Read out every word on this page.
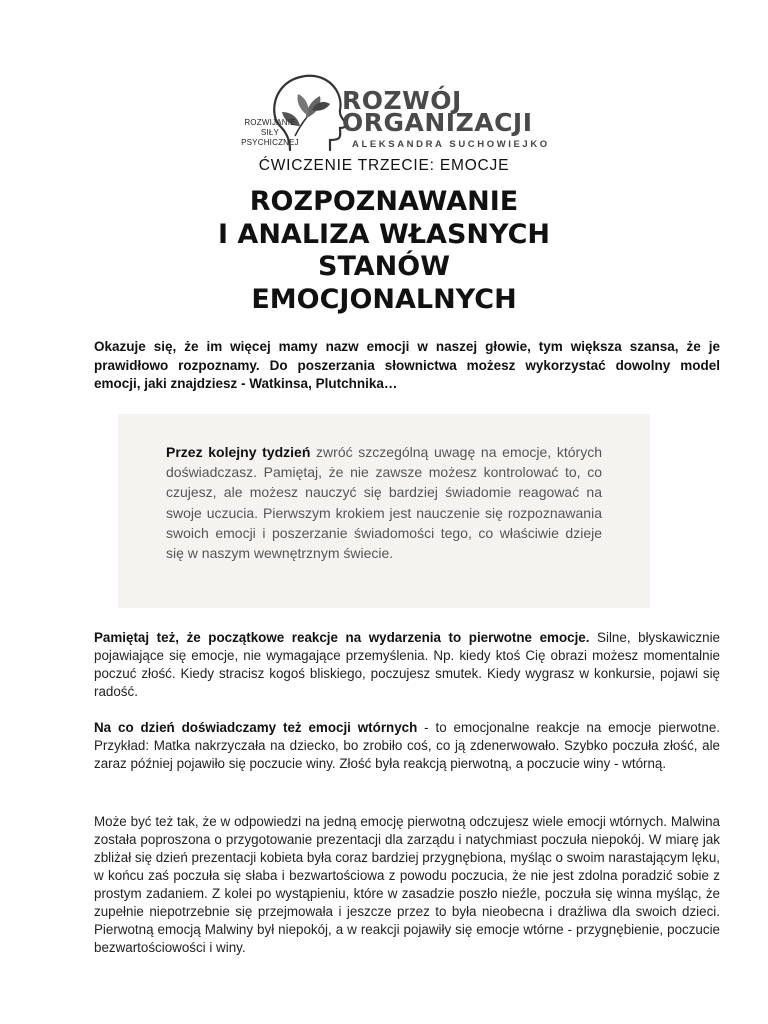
ROZWIJANIE
SIŁY
PSYCHICZNEJ
ROZWÓJ
ORGANIZACJI
ALEKSANDRA SUCHOWIEJKO
ĆWICZENIE TRZECIE: EMOCJE
ROZPOZNAWANIE
I ANALIZA WŁASNYCH
STANÓW
EMOCJONALNYCH

Okazuje się, że im więcej mamy nazw emocji w naszej głowie, tym większa szansa, że je prawidłowo rozpoznamy. Do poszerzania słownictwa możesz wykorzystać dowolny model emocji, jaki znajdziesz - Watkinsa, Plutchnika…

Przez kolejny tydzień zwróć szczególną uwagę na emocje, których doświadczasz. Pamiętaj, że nie zawsze możesz kontrolować to, co czujesz, ale możesz nauczyć się bardziej świadomie reagować na swoje uczucia. Pierwszym krokiem jest nauczenie się rozpoznawania swoich emocji i poszerzanie świadomości tego, co właściwie dzieje się w naszym wewnętrznym świecie.

Pamiętaj też, że początkowe reakcje na wydarzenia to pierwotne emocje. Silne, błyskawicznie pojawiające się emocje, nie wymagające przemyślenia. Np. kiedy ktoś Cię obrazi możesz momentalnie poczuć złość. Kiedy stracisz kogoś bliskiego, poczujesz smutek. Kiedy wygrasz w konkursie, pojawi się radość.

Na co dzień doświadczamy też emocji wtórnych - to emocjonalne reakcje na emocje pierwotne. Przykład: Matka nakrzyczała na dziecko, bo zrobiło coś, co ją zdenerwowało. Szybko poczuła złość, ale zaraz później pojawiło się poczucie winy. Złość była reakcją pierwotną, a poczucie winy - wtórną.

Może być też tak, że w odpowiedzi na jedną emocję pierwotną odczujesz wiele emocji wtórnych. Malwina została poproszona o przygotowanie prezentacji dla zarządu i natychmiast poczuła niepokój. W miarę jak zbliżał się dzień prezentacji kobieta była coraz bardziej przygnębiona, myśląc o swoim narastającym lęku, w końcu zaś poczuła się słaba i bezwartościowa z powodu poczucia, że nie jest zdolna poradzić sobie z prostym zadaniem. Z kolei po wystąpieniu, które w zasadzie poszło nieźle, poczuła się winna myśląc, że zupełnie niepotrzebnie się przejmowała i jeszcze przez to była nieobecna i drażliwa dla swoich dzieci. Pierwotną emocją Malwiny był niepokój, a w reakcji pojawiły się emocje wtórne - przygnębienie, poczucie bezwartościowości i winy.
